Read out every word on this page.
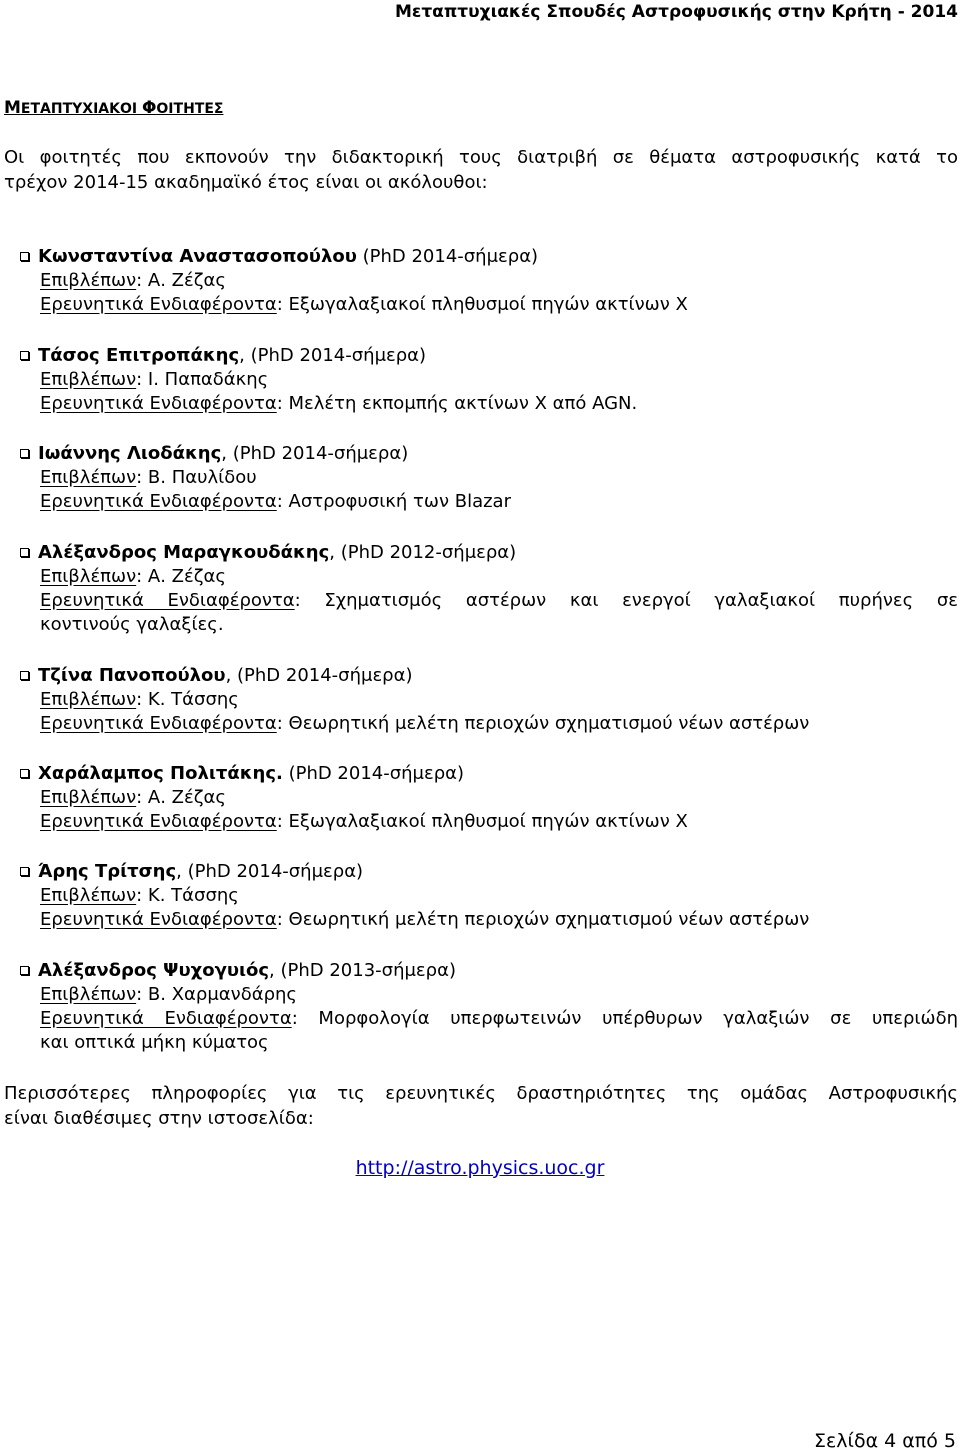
Μεταπτυχιακές Σπουδές Αστροφυσικής στην Κρήτη - 2014
ΜΕΤΑΠΤΥΧΙΑΚΟΙ ΦΟΙΤΗΤΕΣ
Οι φοιτητές που εκπονούν την διδακτορική τους διατριβή σε θέματα αστροφυσικής κατά το
τρέχον 2014-15 ακαδημαϊκό έτος είναι οι ακόλουθοι:
Κωνσταντίνα Αναστασοπούλου (PhD 2014-σήμερα)
Επιβλέπων: Α. Ζέζας
Ερευνητικά Ενδιαφέροντα: Εξωγαλαξιακοί πληθυσμοί πηγών ακτίνων Χ
Τάσος Επιτροπάκης, (PhD 2014-σήμερα)
Επιβλέπων: Ι. Παπαδάκης
Ερευνητικά Ενδιαφέροντα: Μελέτη εκπομπής ακτίνων Χ από AGN.
Ιωάννης Λιοδάκης, (PhD 2014-σήμερα)
Επιβλέπων: Β. Παυλίδου
Ερευνητικά Ενδιαφέροντα: Αστροφυσική των Blazar
Αλέξανδρος Μαραγκουδάκης, (PhD 2012-σήμερα)
Επιβλέπων: Α. Ζέζας
Ερευνητικά Ενδιαφέροντα: Σχηματισμός αστέρων και ενεργοί γαλαξιακοί πυρήνες σε
κοντινούς γαλαξίες.
Τζίνα Πανοπούλου, (PhD 2014-σήμερα)
Επιβλέπων: Κ. Τάσσης
Ερευνητικά Ενδιαφέροντα: Θεωρητική μελέτη περιοχών σχηματισμού νέων αστέρων
Χαράλαμπος Πολιτάκης. (PhD 2014-σήμερα)
Επιβλέπων: Α. Ζέζας
Ερευνητικά Ενδιαφέροντα: Εξωγαλαξιακοί πληθυσμοί πηγών ακτίνων Χ
Άρης Τρίτσης, (PhD 2014-σήμερα)
Επιβλέπων: Κ. Τάσσης
Ερευνητικά Ενδιαφέροντα: Θεωρητική μελέτη περιοχών σχηματισμού νέων αστέρων
Αλέξανδρος Ψυχογυιός, (PhD 2013-σήμερα)
Επιβλέπων: Β. Χαρμανδάρης
Ερευνητικά Ενδιαφέροντα: Μορφολογία υπερφωτεινών υπέρθυρων γαλαξιών σε υπεριώδη
και οπτικά μήκη κύματος
Περισσότερες πληροφορίες για τις ερευνητικές δραστηριότητες της ομάδας Αστροφυσικής
είναι διαθέσιμες στην ιστοσελίδα:
http://astro.physics.uoc.gr
Σελίδα 4 από 5
